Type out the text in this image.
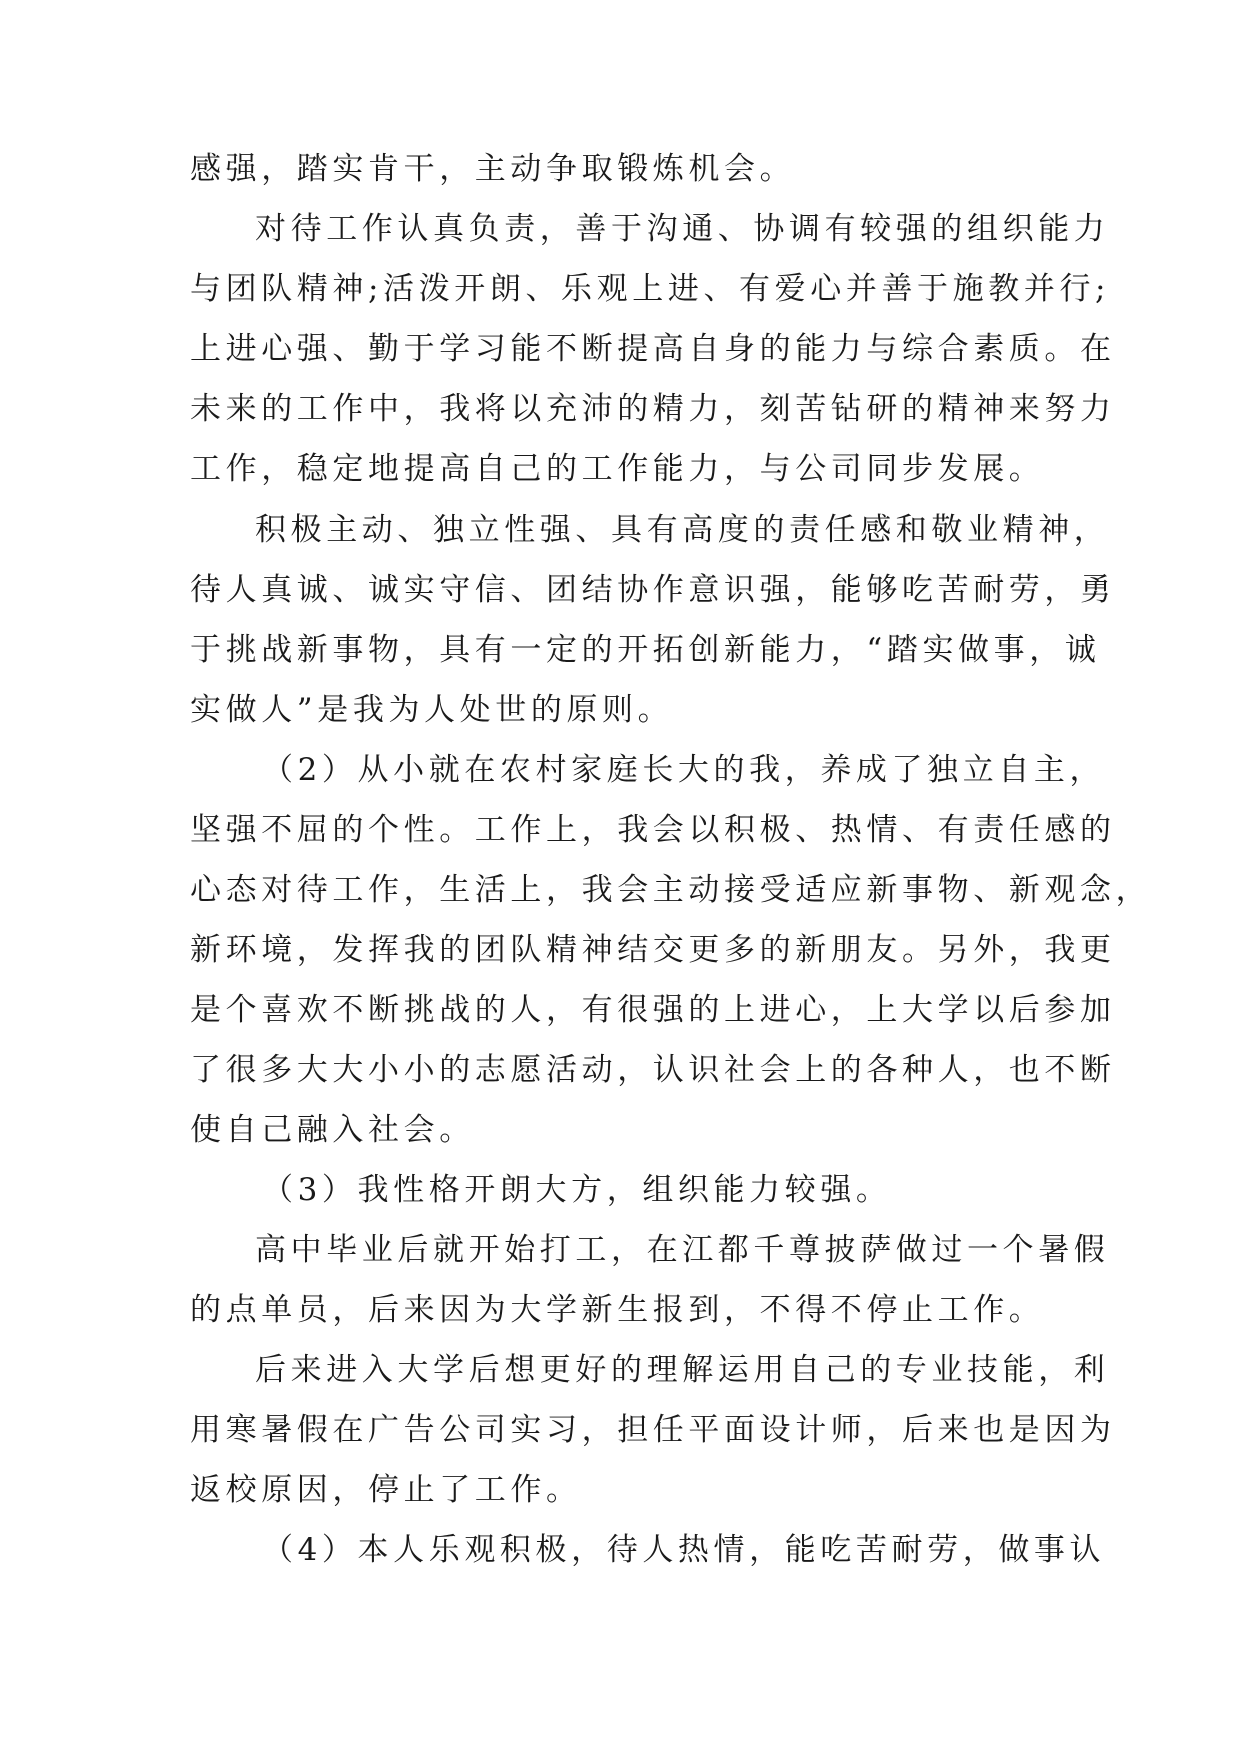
感强，踏实肯干，主动争取锻炼机会。
对待工作认真负责，善于沟通、协调有较强的组织能力
与团队精神;活泼开朗、乐观上进、有爱心并善于施教并行;
上进心强、勤于学习能不断提高自身的能力与综合素质。在
未来的工作中，我将以充沛的精力，刻苦钻研的精神来努力
工作，稳定地提高自己的工作能力，与公司同步发展。
积极主动、独立性强、具有高度的责任感和敬业精神，
待人真诚、诚实守信、团结协作意识强，能够吃苦耐劳，勇
于挑战新事物，具有一定的开拓创新能力，“踏实做事，诚
实做人”是我为人处世的原则。
（2）从小就在农村家庭长大的我，养成了独立自主，
坚强不屈的个性。工作上，我会以积极、热情、有责任感的
心态对待工作，生活上，我会主动接受适应新事物、新观念，
新环境，发挥我的团队精神结交更多的新朋友。另外，我更
是个喜欢不断挑战的人，有很强的上进心，上大学以后参加
了很多大大小小的志愿活动，认识社会上的各种人，也不断
使自己融入社会。
（3）我性格开朗大方，组织能力较强。
高中毕业后就开始打工，在江都千尊披萨做过一个暑假
的点单员，后来因为大学新生报到，不得不停止工作。
后来进入大学后想更好的理解运用自己的专业技能，利
用寒暑假在广告公司实习，担任平面设计师，后来也是因为
返校原因，停止了工作。
（4）本人乐观积极，待人热情，能吃苦耐劳，做事认
